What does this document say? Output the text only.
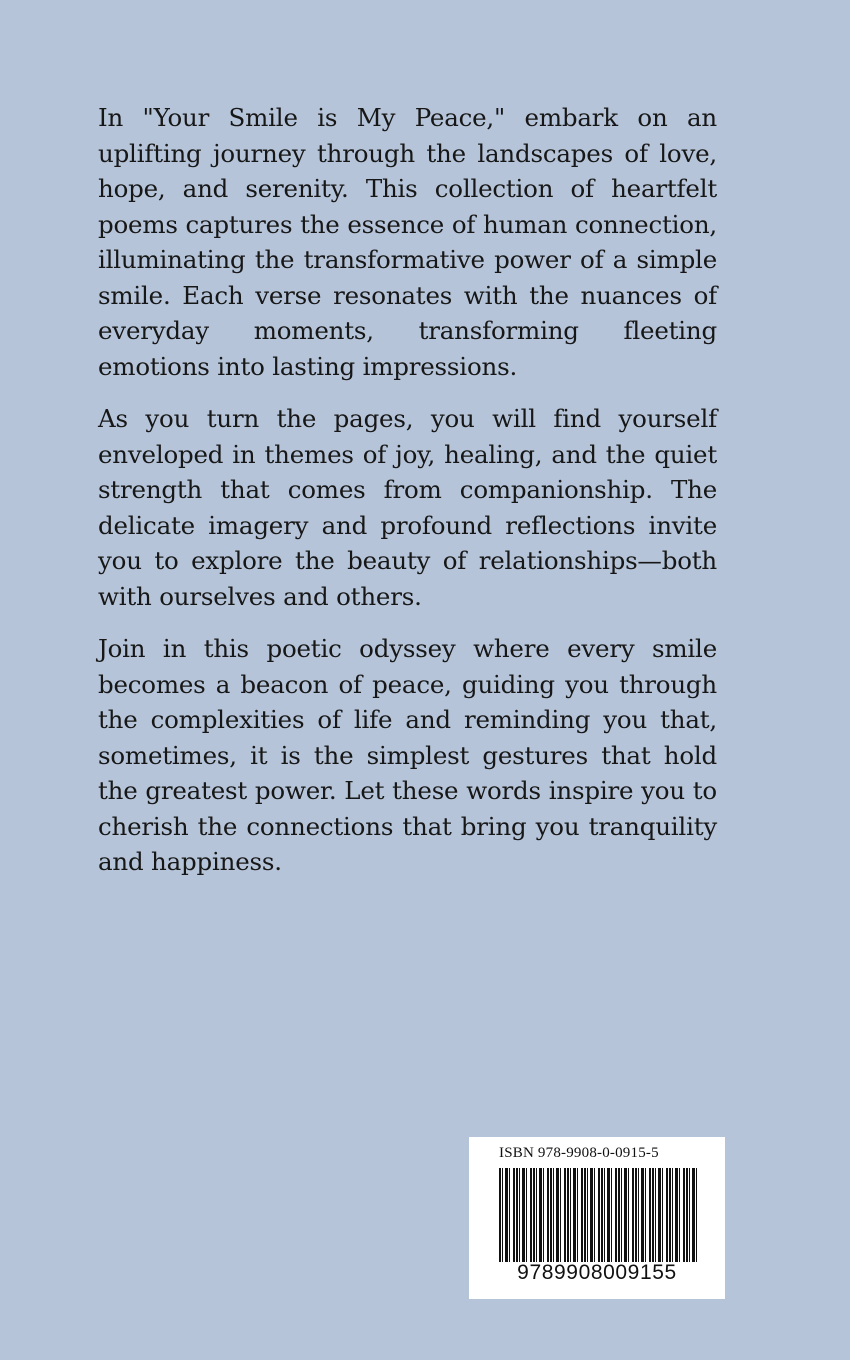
In "Your Smile is My Peace," embark on an uplifting journey through the landscapes of love, hope, and serenity. This collection of heartfelt poems captures the essence of human connection, illuminating the transformative power of a simple smile. Each verse resonates with the nuances of everyday moments, transforming fleeting emotions into lasting impressions.

As you turn the pages, you will find yourself enveloped in themes of joy, healing, and the quiet strength that comes from companionship. The delicate imagery and profound reflections invite you to explore the beauty of relationships—both with ourselves and others.

Join in this poetic odyssey where every smile becomes a beacon of peace, guiding you through the complexities of life and reminding you that, sometimes, it is the simplest gestures that hold the greatest power. Let these words inspire you to cherish the connections that bring you tranquility and happiness.

ISBN 978-9908-0-0915-5
9789908009155
